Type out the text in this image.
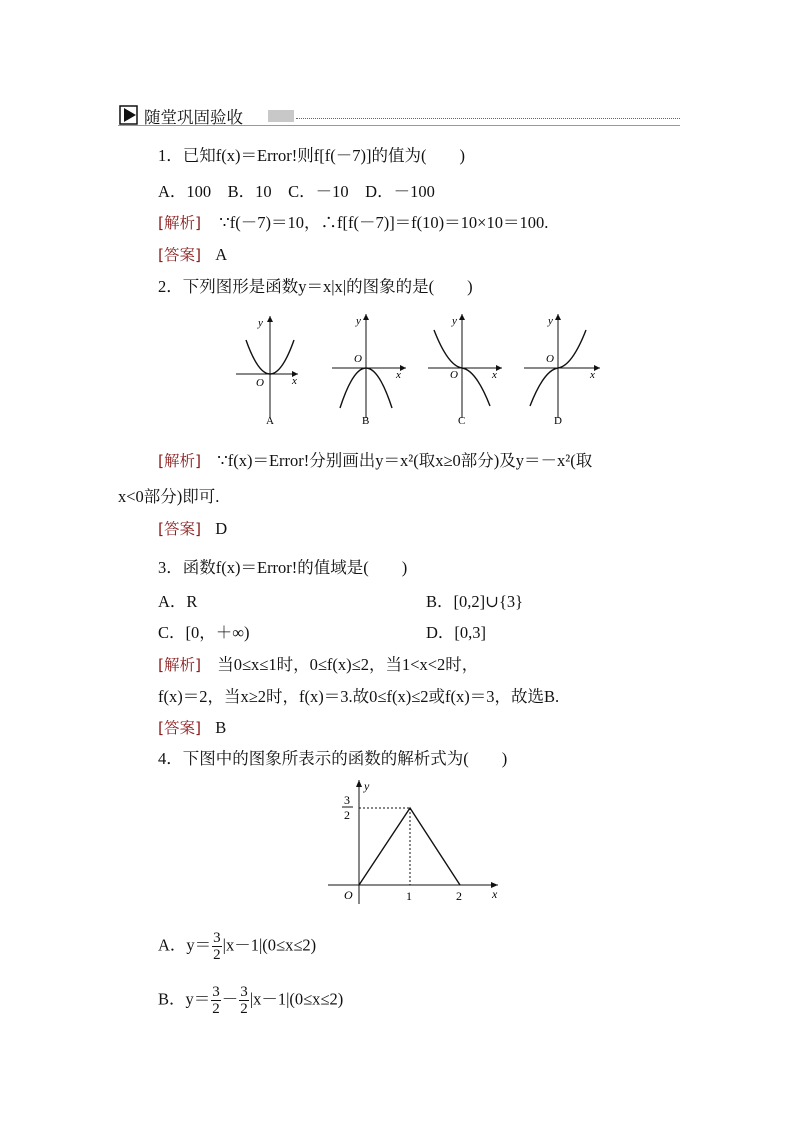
随堂巩固验收
1．已知f(x)＝Error!则f[f(－7)]的值为(　　)
A．100　B．10　C．－10　D．－100
[解析] ∵f(－7)＝10，∴f[f(－7)]＝f(10)＝10×10＝100.
[答案] A
2．下列图形是函数y＝x|x|的图象的是(　　)
y
x
O
A
y
x
O
B
y
x
O
C
y
x
O
D
[解析] ∵f(x)＝Error!分别画出y＝x²(取x≥0部分)及y＝－x²(取
x<0部分)即可.
[答案] D
3．函数f(x)＝Error!的值域是(　　)
A．R	B．[0,2]∪{3}
C．[0，＋∞)	D．[0,3]
[解析] 当0≤x≤1时，0≤f(x)≤2，当1<x<2时，
f(x)＝2，当x≥2时，f(x)＝3.故0≤f(x)≤2或f(x)＝3，故选B.
[答案] B
4．下图中的图象所表示的函数的解析式为(　　)
y
x
O	1	2
3
2
A．$y= \frac{3}{2} |x-1|(0\le x\le 2)$
B．$y= \frac{3}{2} - \frac{3}{2} |x-1|(0\le x\le 2)$
